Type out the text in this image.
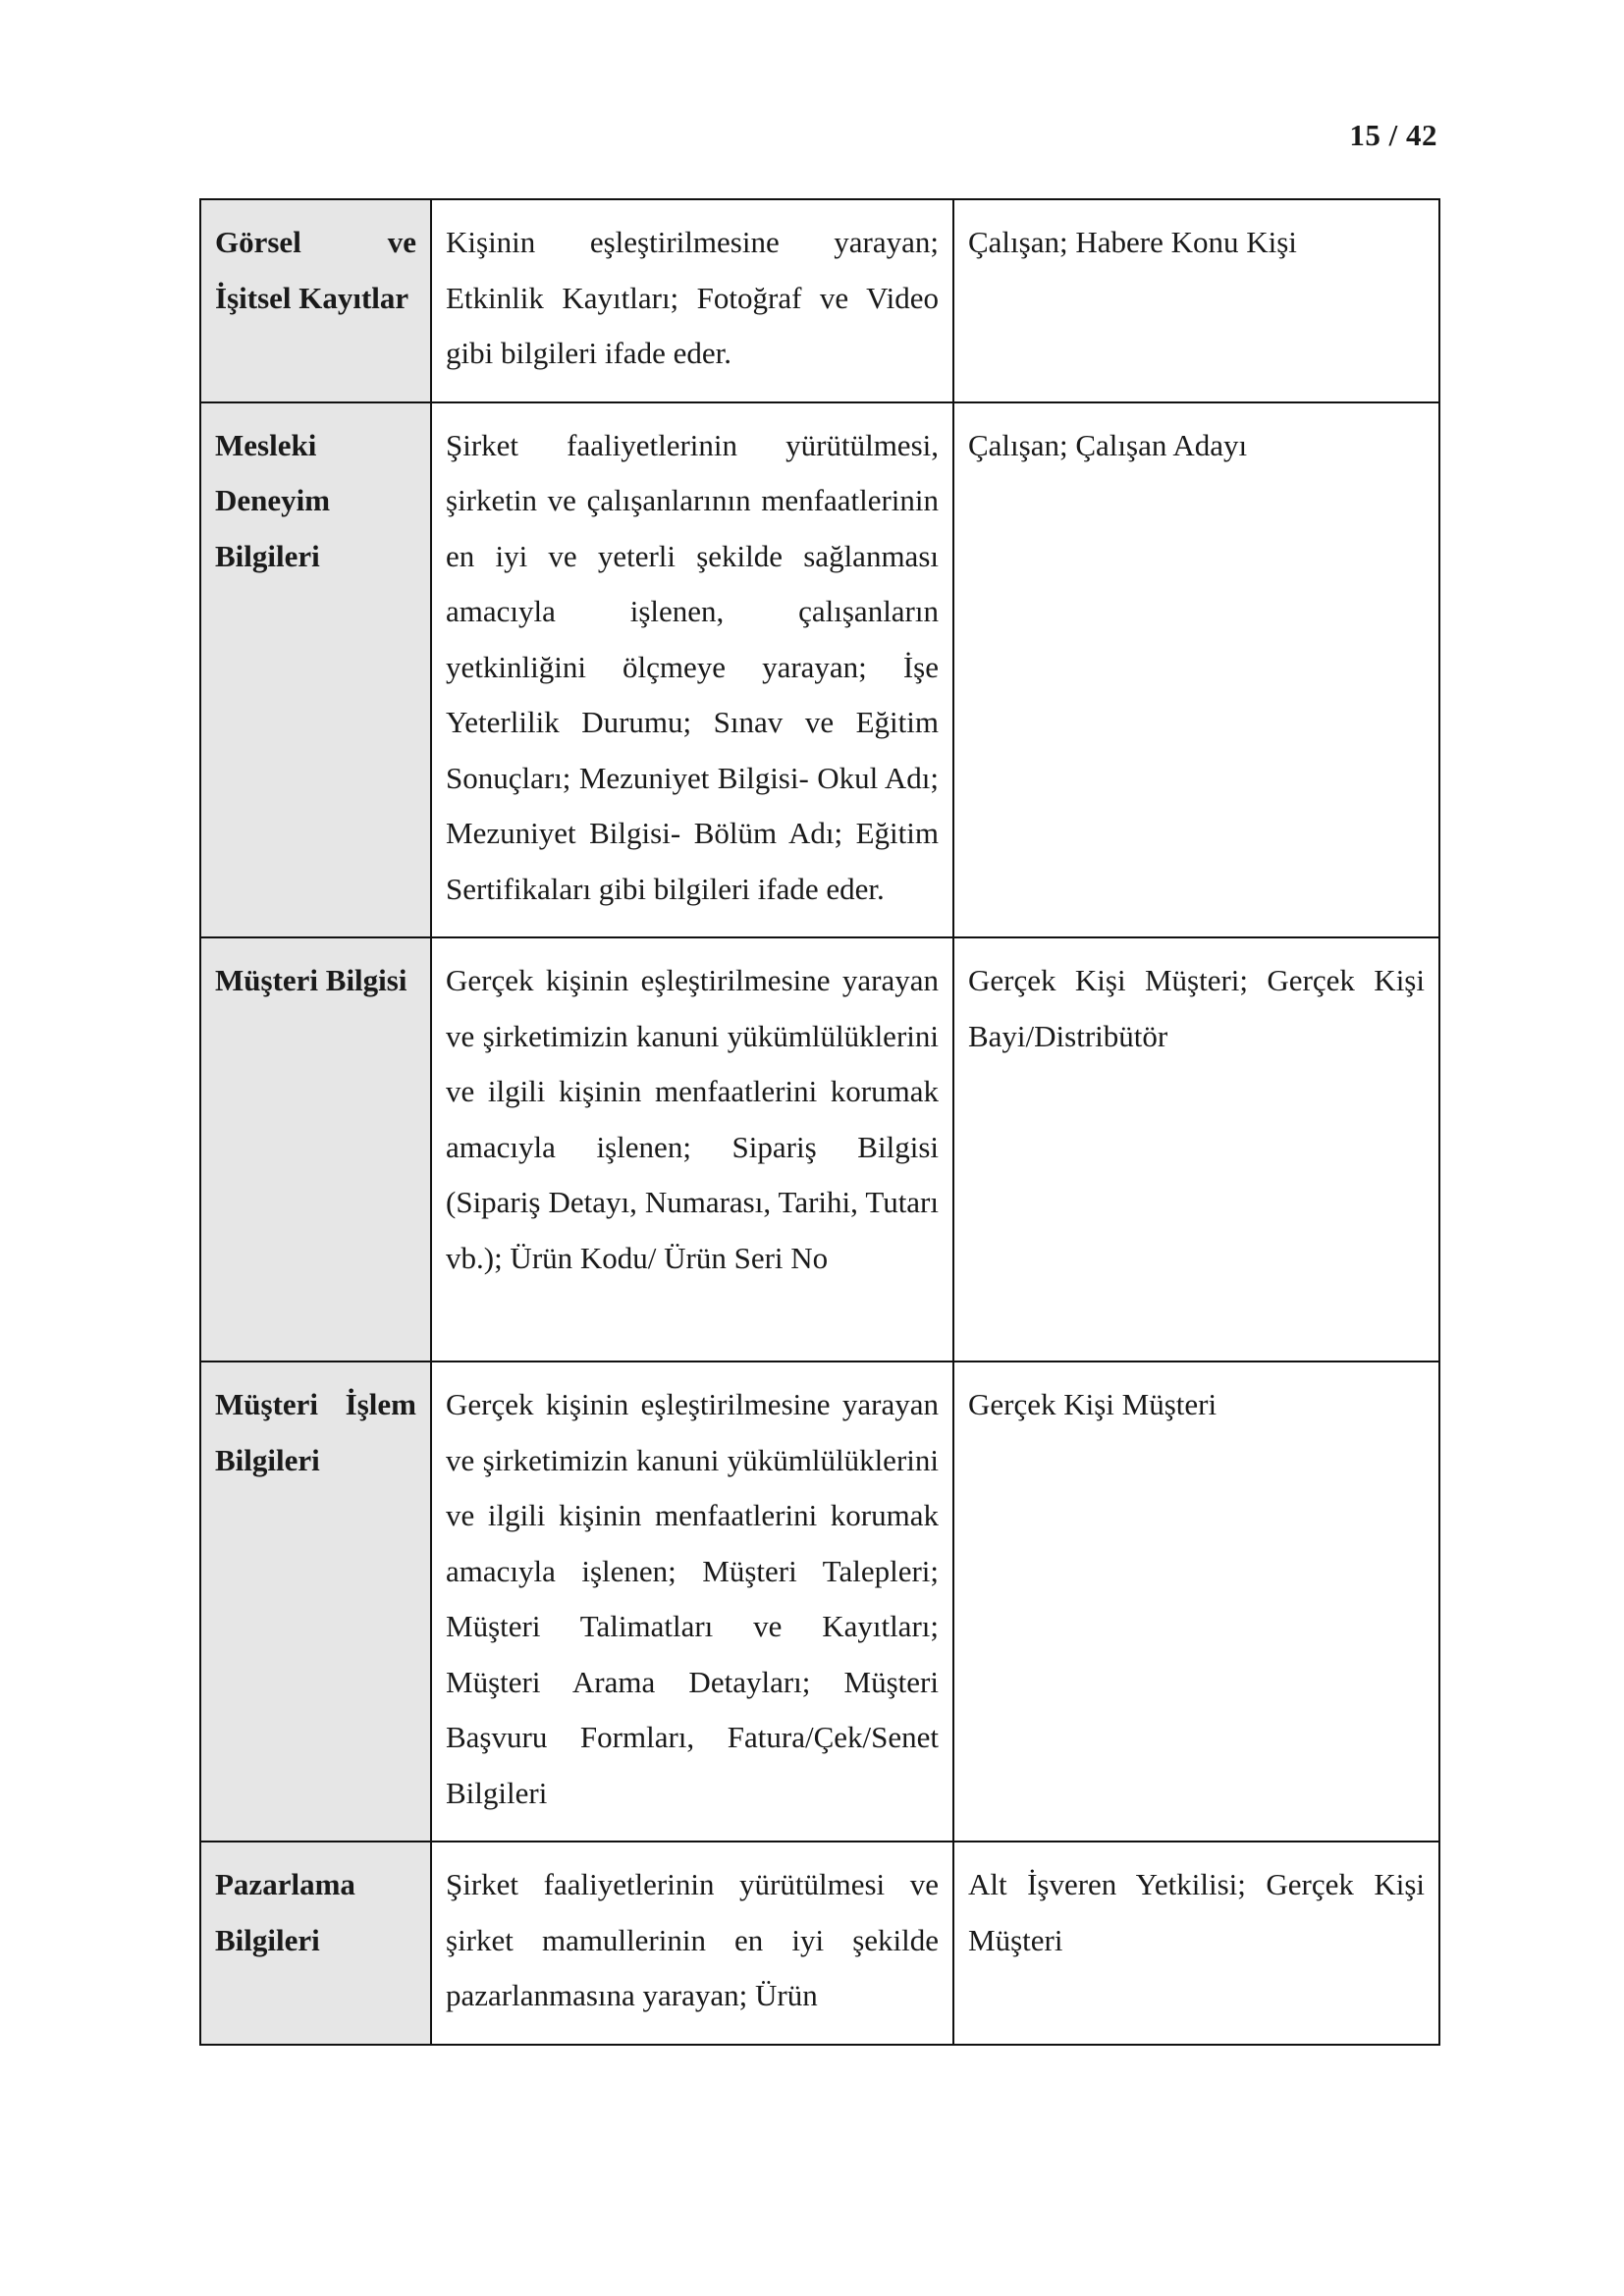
15 / 42
Görsel ve İşitsel Kayıtlar	Kişinin eşleştirilmesine yarayan; Etkinlik Kayıtları; Fotoğraf ve Video gibi bilgileri ifade eder.	Çalışan; Habere Konu Kişi

Mesleki Deneyim Bilgileri	Şirket faaliyetlerinin yürütülmesi, şirketin ve çalışanlarının menfaatlerinin en iyi ve yeterli şekilde sağlanması amacıyla işlenen, çalışanların yetkinliğini ölçmeye yarayan; İşe Yeterlilik Durumu; Sınav ve Eğitim Sonuçları; Mezuniyet Bilgisi- Okul Adı; Mezuniyet Bilgisi- Bölüm Adı; Eğitim Sertifikaları gibi bilgileri ifade eder.	Çalışan; Çalışan Adayı

Müşteri Bilgisi	Gerçek kişinin eşleştirilmesine yarayan ve şirketimizin kanuni yükümlülüklerini ve ilgili kişinin menfaatlerini korumak amacıyla işlenen; Sipariş Bilgisi (Sipariş Detayı, Numarası, Tarihi, Tutarı vb.); Ürün Kodu/ Ürün Seri No	Gerçek Kişi Müşteri; Gerçek Kişi Bayi/Distribütör

Müşteri İşlem Bilgileri	Gerçek kişinin eşleştirilmesine yarayan ve şirketimizin kanuni yükümlülüklerini ve ilgili kişinin menfaatlerini korumak amacıyla işlenen; Müşteri Talepleri; Müşteri Talimatları ve Kayıtları; Müşteri Arama Detayları; Müşteri Başvuru Formları, Fatura/Çek/Senet Bilgileri	Gerçek Kişi Müşteri

Pazarlama Bilgileri	Şirket faaliyetlerinin yürütülmesi ve şirket mamullerinin en iyi şekilde pazarlanmasına yarayan; Ürün	Alt İşveren Yetkilisi; Gerçek Kişi Müşteri
